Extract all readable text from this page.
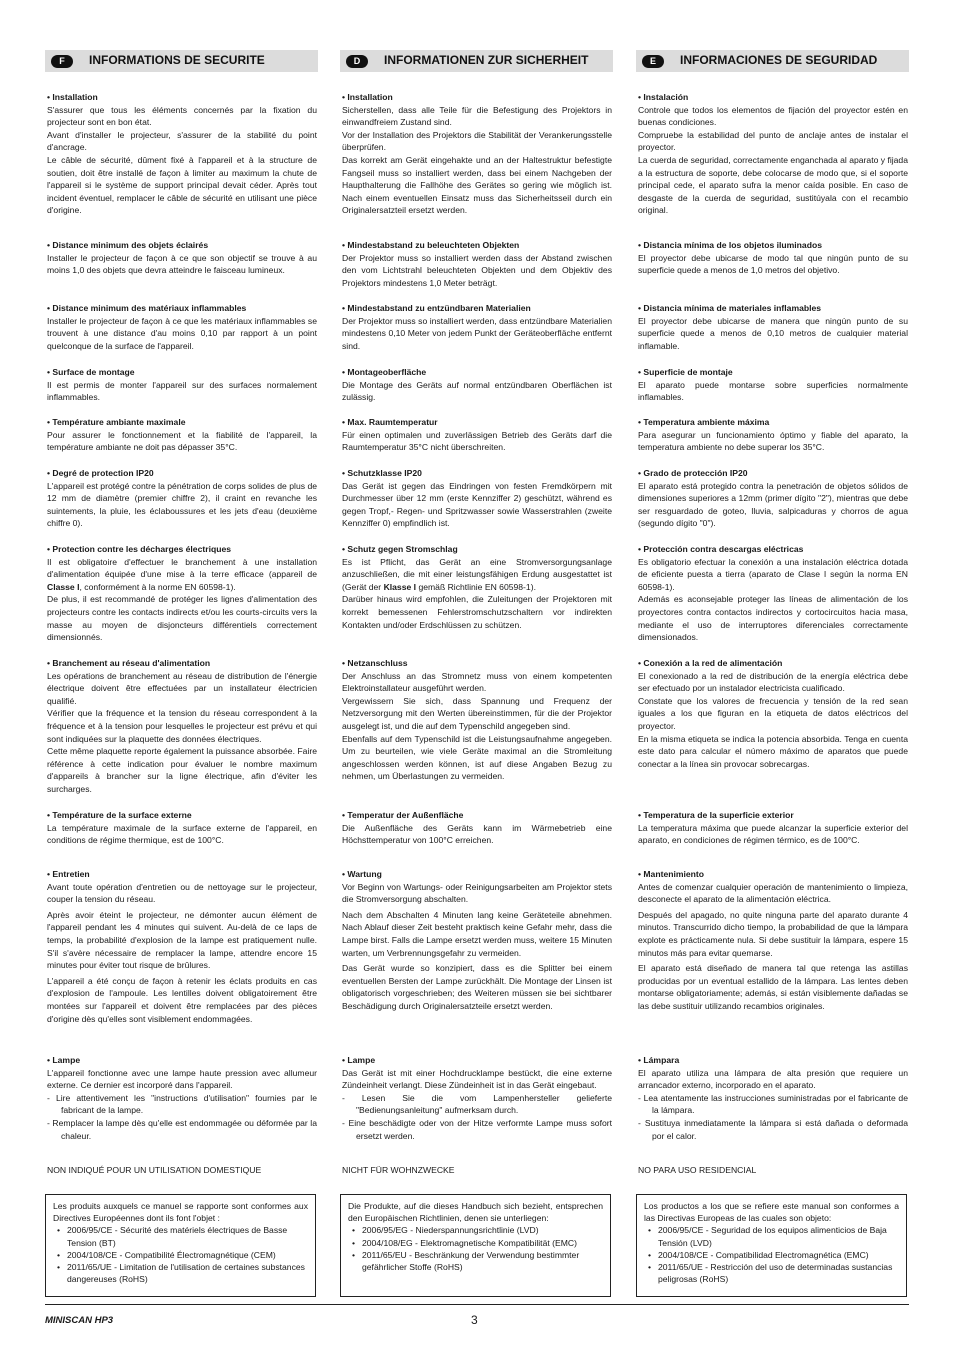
F	INFORMATIONS DE SECURITE

• Installation

S'assurer que tous les éléments concernés par la fixation du projecteur sont en bon état.

Avant d'installer le projecteur, s'assurer de la stabilité du point d'ancrage.

Le câble de sécurité, dûment fixé à l'appareil et à la structure de soutien, doit être installé de façon à limiter au maximum la chute de l'appareil si le système de support principal devait céder. Après tout incident éventuel, remplacer le câble de sécurité en utilisant une pièce d'origine.

• Distance minimum des objets éclairés

Installer le projecteur de façon à ce que son objectif se trouve à au moins 1,0 des objets que devra atteindre le faisceau lumineux.

• Distance minimum des matériaux inflammables

Installer le projecteur de façon à ce que les matériaux inflammables se trouvent à une distance d'au moins 0,10 par rapport à un point quelconque de la surface de l'appareil.

• Surface de montage

Il est permis de monter l'appareil sur des surfaces normalement inflammables.

• Température ambiante maximale

Pour assurer le fonctionnement et la fiabilité de l'appareil, la température ambiante ne doit pas dépasser 35°C.

• Degré de protection IP20

L'appareil est protégé contre la pénétration de corps solides de plus de 12 mm de diamètre (premier chiffre 2), il craint en revanche les suintements, la pluie, les éclaboussures et les jets d'eau (deuxième chiffre 0).

• Protection contre les décharges électriques

Il est obligatoire d'effectuer le branchement à une installation d'alimentation équipée d'une mise à la terre efficace (appareil de Classe I, conformément à la norme EN 60598-1).

De plus, il est recommandé de protéger les lignes d'alimentation des projecteurs contre les contacts indirects et/ou les courts-circuits vers la masse au moyen de disjoncteurs différentiels correctement dimensionnés.

• Branchement au réseau d'alimentation

Les opérations de branchement au réseau de distribution de l'énergie électrique doivent être effectuées par un installateur électricien qualifié.

Vérifier que la fréquence et la tension du réseau correspondent à la fréquence et à la tension pour lesquelles le projecteur est prévu et qui sont indiquées sur la plaquette des données électriques.

Cette même plaquette reporte également la puissance absorbée. Faire référence à cette indication pour évaluer le nombre maximum d'appareils à brancher sur la ligne électrique, afin d'éviter les surcharges.

• Température de la surface externe

La température maximale de la surface externe de l'appareil, en conditions de régime thermique, est de 100°C.

• Entretien

Avant toute opération d'entretien ou de nettoyage sur le projecteur, couper la tension du réseau.

Après avoir éteint le projecteur, ne démonter aucun élément de l'appareil pendant les 4 minutes qui suivent. Au-delà de ce laps de temps, la probabilité d'explosion de la lampe est pratiquement nulle. S'il s'avère nécessaire de remplacer la lampe, attendre encore 15 minutes pour éviter tout risque de brûlures.

L'appareil a été conçu de façon à retenir les éclats produits en cas d'explosion de l'ampoule. Les lentilles doivent obligatoirement être montées sur l'appareil et doivent être remplacées par des pièces d'origine dès qu'elles sont visiblement endommagées.

• Lampe

L'appareil fonctionne avec une lampe haute pression avec allumeur externe. Ce dernier est incorporé dans l'appareil.

- Lire attentivement les "instructions d'utilisation" fournies par le fabricant de la lampe.

- Remplacer la lampe dès qu'elle est endommagée ou déformée par la chaleur.

NON INDIQUÉ POUR UN UTILISATION DOMESTIQUE

Les produits auxquels ce manuel se rapporte sont conformes aux Directives Européennes dont ils font l'objet :

• 2006/95/CE - Sécurité des matériels électriques de Basse Tension (BT)
• 2004/108/CE - Compatibilité Électromagnétique (CEM)
• 2011/65/UE - Limitation de l'utilisation de certaines substances dangereuses (RoHS)
D	INFORMATIONEN ZUR SICHERHEIT

• Installation

Sicherstellen, dass alle Teile für die Befestigung des Projektors in einwandfreiem Zustand sind.

Vor der Installation des Projektors die Stabilität der Verankerungsstelle überprüfen.

Das korrekt am Gerät eingehakte und an der Haltestruktur befestigte Fangseil muss so installiert werden, dass bei einem Nachgeben der Haupthalterung die Fallhöhe des Gerätes so gering wie möglich ist. Nach einem eventuellen Einsatz muss das Sicherheitsseil durch ein Originalersatzteil ersetzt werden.

• Mindestabstand zu beleuchteten Objekten

Der Projektor muss so installiert werden dass der Abstand zwischen den vom Lichtstrahl beleuchteten Objekten und dem Objektiv des Projektors mindestens 1,0 Meter beträgt.

• Mindestabstand zu entzündbaren Materialien

Der Projektor muss so installiert werden, dass entzündbare Materialien mindestens 0,10 Meter von jedem Punkt der Geräteoberfläche entfernt sind.

• Montageoberfläche

Die Montage des Geräts auf normal entzündbaren Oberflächen ist zulässig.

• Max. Raumtemperatur

Für einen optimalen und zuverlässigen Betrieb des Geräts darf die Raumtemperatur 35°C nicht überschreiten.

• Schutzklasse IP20

Das Gerät ist gegen das Eindringen von festen Fremdkörpern mit Durchmesser über 12 mm (erste Kennziffer 2) geschützt, während es gegen Tropf,- Regen- und Spritzwasser sowie Wasserstrahlen (zweite Kennziffer 0) empfindlich ist.

• Schutz gegen Stromschlag

Es ist Pflicht, das Gerät an eine Stromversorgungsanlage anzuschließen, die mit einer leistungsfähigen Erdung ausgestattet ist (Gerät der Klasse I gemäß Richtlinie EN 60598-1).

Darüber hinaus wird empfohlen, die Zuleitungen der Projektoren mit korrekt bemessenen Fehlerstromschutzschaltern vor indirekten Kontakten und/oder Erdschlüssen zu schützen.

• Netzanschluss

Der Anschluss an das Stromnetz muss von einem kompetenten Elektroinstallateur ausgeführt werden.

Vergewissern Sie sich, dass Spannung und Frequenz der Netzversorgung mit den Werten übereinstimmen, für die der Projektor ausgelegt ist, und die auf dem Typenschild angegeben sind.

Ebenfalls auf dem Typenschild ist die Leistungsaufnahme angegeben. Um zu beurteilen, wie viele Geräte maximal an die Stromleitung angeschlossen werden können, ist auf diese Angaben Bezug zu nehmen, um Überlastungen zu vermeiden.

• Temperatur der Außenfläche

Die Außenfläche des Geräts kann im Wärmebetrieb eine Höchsttemperatur von 100°C erreichen.

• Wartung

Vor Beginn von Wartungs- oder Reinigungsarbeiten am Projektor stets die Stromversorgung abschalten.

Nach dem Abschalten 4 Minuten lang keine Geräteteile abnehmen. Nach Ablauf dieser Zeit besteht praktisch keine Gefahr mehr, dass die Lampe birst. Falls die Lampe ersetzt werden muss, weitere 15 Minuten warten, um Verbrennungsgefahr zu vermeiden.

Das Gerät wurde so konzipiert, dass es die Splitter bei einem eventuellen Bersten der Lampe zurückhält. Die Montage der Linsen ist obligatorisch vorgeschrieben; des Weiteren müssen sie bei sichtbarer Beschädigung durch Originalersatzteile ersetzt werden.

• Lampe

Das Gerät ist mit einer Hochdrucklampe bestückt, die eine externe Zündeinheit verlangt. Diese Zündeinheit ist in das Gerät eingebaut.

- Lesen Sie die vom Lampenhersteller gelieferte "Bedienungsanleitung" aufmerksam durch.

- Eine beschädigte oder von der Hitze verformte Lampe muss sofort ersetzt werden.

NICHT FÜR WOHNZWECKE

Die Produkte, auf die dieses Handbuch sich bezieht, entsprechen den Europäischen Richtlinien, denen sie unterliegen:

• 2006/95/EG - Niederspannungsrichtlinie (LVD)
• 2004/108/EG - Elektromagnetische Kompatibilität (EMC)
• 2011/65/EU - Beschränkung der Verwendung bestimmter gefährlicher Stoffe (RoHS)
E	INFORMACIONES DE SEGURIDAD

• Instalación

Controle que todos los elementos de fijación del proyector estén en buenas condiciones.

Compruebe la estabilidad del punto de anclaje antes de instalar el proyector.

La cuerda de seguridad, correctamente enganchada al aparato y fijada a la estructura de soporte, debe colocarse de modo que, si el soporte principal cede, el aparato sufra la menor caída posible. En caso de desgaste de la cuerda de seguridad, sustitúyala con el recambio original.

• Distancia mínima de los objetos iluminados

El proyector debe ubicarse de modo tal que ningún punto de su superficie quede a menos de 1,0 metros del objetivo.

• Distancia mínima de materiales inflamables

El proyector debe ubicarse de manera que ningún punto de su superficie quede a menos de 0,10 metros de cualquier material inflamable.

• Superficie de montaje

El aparato puede montarse sobre superficies normalmente inflamables.

• Temperatura ambiente máxima

Para asegurar un funcionamiento óptimo y fiable del aparato, la temperatura ambiente no debe superar los 35°C.

• Grado de protección IP20

El aparato está protegido contra la penetración de objetos sólidos de dimensiones superiores a 12mm (primer dígito "2"), mientras que debe ser resguardado de goteo, lluvia, salpicaduras y chorros de agua (segundo dígito "0").

• Protección contra descargas eléctricas

Es obligatorio efectuar la conexión a una instalación eléctrica dotada de eficiente puesta a tierra (aparato de Clase I según la norma EN 60598-1).

Además es aconsejable proteger las líneas de alimentación de los proyectores contra contactos indirectos y cortocircuitos hacia masa, mediante el uso de interruptores diferenciales correctamente dimensionados.

• Conexión a la red de alimentación

El conexionado a la red de distribución de la energía eléctrica debe ser efectuado por un instalador electricista cualificado.

Constate que los valores de frecuencia y tensión de la red sean iguales a los que figuran en la etiqueta de datos eléctricos del proyector.

En la misma etiqueta se indica la potencia absorbida. Tenga en cuenta este dato para calcular el número máximo de aparatos que puede conectar a la línea sin provocar sobrecargas.

• Temperatura de la superficie exterior

La temperatura máxima que puede alcanzar la superficie exterior del aparato, en condiciones de régimen térmico, es de 100°C.

• Mantenimiento

Antes de comenzar cualquier operación de mantenimiento o limpieza, desconecte el aparato de la alimentación eléctrica.

Después del apagado, no quite ninguna parte del aparato durante 4 minutos. Transcurrido dicho tiempo, la probabilidad de que la lámpara explote es prácticamente nula. Si debe sustituir la lámpara, espere 15 minutos más para evitar quemarse.

El aparato está diseñado de manera tal que retenga las astillas producidas por un eventual estallido de la lámpara. Las lentes deben montarse obligatoriamente; además, si están visiblemente dañadas se las debe sustituir utilizando recambios originales.

• Lámpara

El aparato utiliza una lámpara de alta presión que requiere un arrancador externo, incorporado en el aparato.

- Lea atentamente las instrucciones suministradas por el fabricante de la lámpara.

- Sustituya inmediatamente la lámpara si está dañada o deformada por el calor.

NO PARA USO RESIDENCIAL

Los productos a los que se refiere este manual son conformes a las Directivas Europeas de las cuales son objeto:

• 2006/95/CE - Seguridad de los equipos alimenticios de Baja Tensión (LVD)
• 2004/108/CE - Compatibilidad Electromagnética (EMC)
• 2011/65/UE - Restricción del uso de determinadas sustancias peligrosas (RoHS)
MINISCAN HP3	3
